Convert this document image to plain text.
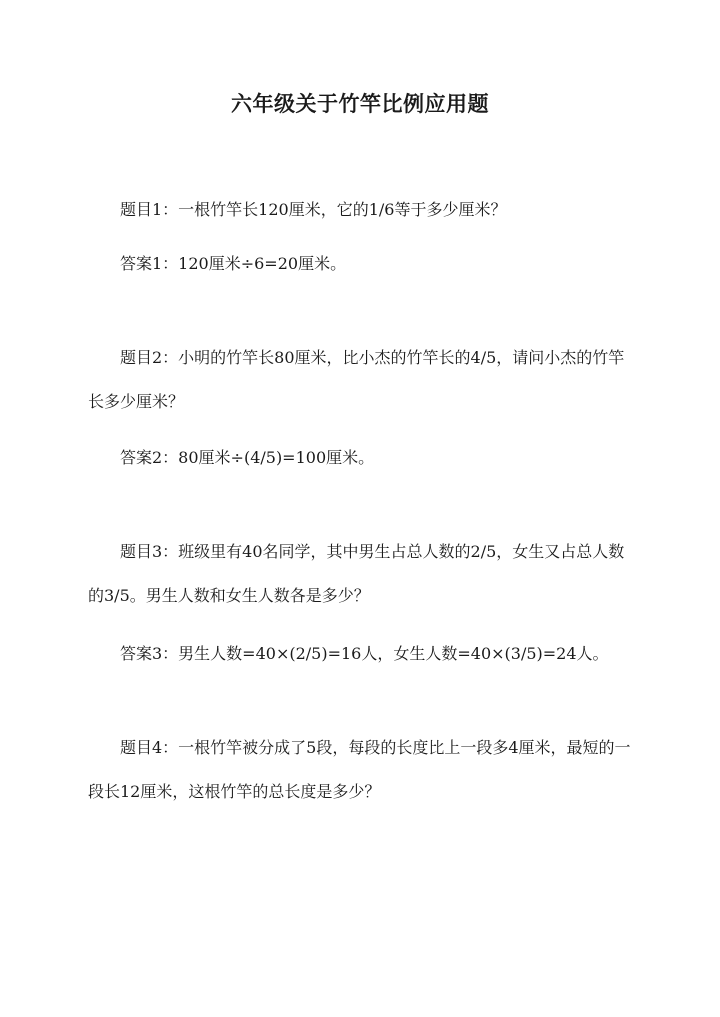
六年级关于竹竿比例应用题

题目1：一根竹竿长120厘米，它的1/6等于多少厘米？

答案1：120厘米÷6=20厘米。

题目2：小明的竹竿长80厘米，比小杰的竹竿长的4/5，请问小杰的竹竿长多少厘米？

答案2：80厘米÷(4/5)=100厘米。

题目3：班级里有40名同学，其中男生占总人数的2/5，女生又占总人数的3/5。男生人数和女生人数各是多少？

答案3：男生人数=40×(2/5)=16人，女生人数=40×(3/5)=24人。

题目4：一根竹竿被分成了5段，每段的长度比上一段多4厘米，最短的一段长12厘米，这根竹竿的总长度是多少？
